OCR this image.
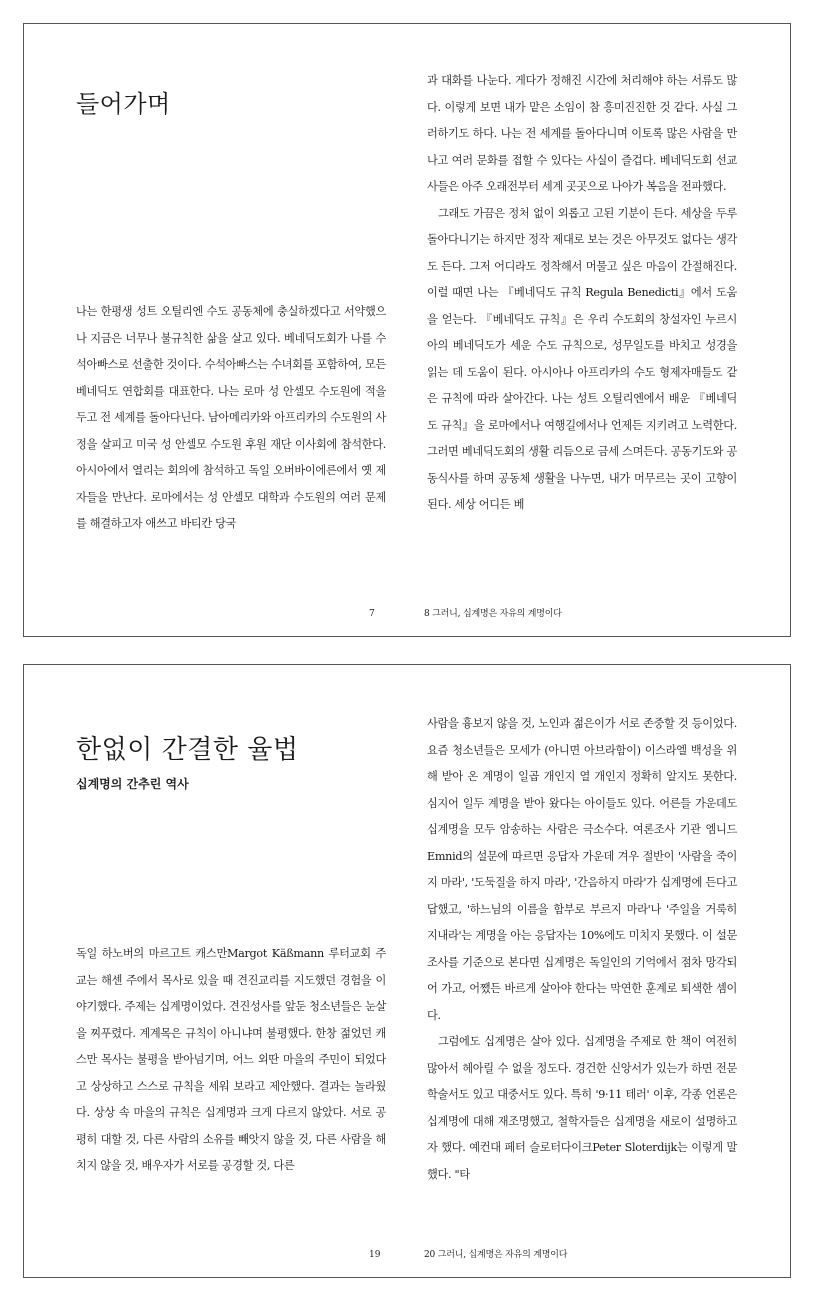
들어가며

나는 한평생 성트 오틸리엔 수도 공동체에 충실하겠다고 서약했으나 지금은 너무나 불규칙한 삶을 살고 있다. 베네딕도회가 나를 수석아빠스로 선출한 것이다. 수석아빠스는 수녀회를 포함하여, 모든 베네딕도 연합회를 대표한다. 나는 로마 성 안셀모 수도원에 적을 두고 전 세계를 돌아다닌다. 남아메리카와 아프리카의 수도원의 사정을 살피고 미국 성 안셀모 수도원 후원 재단 이사회에 참석한다. 아시아에서 열리는 회의에 참석하고 독일 오버바이에른에서 옛 제자들을 만난다. 로마에서는 성 안셀모 대학과 수도원의 여러 문제를 해결하고자 애쓰고 바티칸 당국

과 대화를 나눈다. 게다가 정해진 시간에 처리해야 하는 서류도 많다. 이렇게 보면 내가 맡은 소임이 참 흥미진진한 것 같다. 사실 그러하기도 하다. 나는 전 세계를 돌아다니며 이토록 많은 사람을 만나고 여러 문화를 접할 수 있다는 사실이 즐겁다. 베네딕도회 선교사들은 아주 오래전부터 세계 곳곳으로 나아가 복음을 전파했다.

그래도 가끔은 정처 없이 외롭고 고된 기분이 든다. 세상을 두루 돌아다니기는 하지만 정작 제대로 보는 것은 아무것도 없다는 생각도 든다. 그저 어디라도 정착해서 머물고 싶은 마음이 간절해진다. 이럴 때면 나는 『베네딕도 규칙 Regula Benedicti』에서 도움을 얻는다. 『베네딕도 규칙』은 우리 수도회의 창설자인 누르시아의 베네딕도가 세운 수도 규칙으로, 성무일도를 바치고 성경을 읽는 데 도움이 된다. 아시아나 아프리카의 수도 형제자매들도 같은 규칙에 따라 살아간다. 나는 성트 오틸리엔에서 배운 『베네딕도 규칙』을 로마에서나 여행길에서나 언제든 지키려고 노력한다. 그러면 베네딕도회의 생활 리듬으로 금세 스며든다. 공동기도와 공동식사를 하며 공동체 생활을 나누면, 내가 머무르는 곳이 고향이 된다. 세상 어디든 베

7	8 그러니, 십계명은 자유의 계명이다
한없이 간결한 율법
십계명의 간추린 역사

독일 하노버의 마르고트 캐스만Margot Käßmann 루터교회 주교는 해센 주에서 목사로 있을 때 견진교리를 지도했던 경험을 이야기했다. 주제는 십계명이었다. 견진성사를 앞둔 청소년들은 눈살을 찌푸렸다. 계계목은 규칙이 아니냐며 불평했다. 한창 젊었던 캐스만 목사는 불평을 받아넘기며, 어느 외딴 마을의 주민이 되었다고 상상하고 스스로 규칙을 세워 보라고 제안했다. 결과는 놀라웠다. 상상 속 마을의 규칙은 십계명과 크게 다르지 않았다. 서로 공평히 대할 것, 다른 사람의 소유를 빼앗지 않을 것, 다른 사람을 해치지 않을 것, 배우자가 서로를 공경할 것, 다른

사람을 흉보지 않을 것, 노인과 젊은이가 서로 존중할 것 등이었다. 요즘 청소년들은 모세가 (아니면 아브라함이) 이스라엘 백성을 위해 받아 온 계명이 일곱 개인지 열 개인지 정확히 알지도 못한다. 심지어 일두 계명을 받아 왔다는 아이들도 있다. 어른들 가운데도 십계명을 모두 암송하는 사람은 극소수다. 여론조사 기관 엠니드Emnid의 설문에 따르면 응답자 가운데 겨우 절반이 '사람을 죽이지 마라', '도둑질을 하지 마라', '간음하지 마라'가 십계명에 든다고 답했고, '하느님의 이름을 함부로 부르지 마라'나 '주일을 거룩히 지내라'는 계명을 아는 응답자는 10%에도 미치지 못했다. 이 설문 조사를 기준으로 본다면 십계명은 독일인의 기억에서 점차 망각되어 가고, 어쨌든 바르게 살아야 한다는 막연한 훈계로 퇴색한 셈이다.

그럼에도 십계명은 살아 있다. 십계명을 주제로 한 책이 여전히 많아서 헤아릴 수 없을 정도다. 경건한 신앙서가 있는가 하면 전문 학술서도 있고 대중서도 있다. 특히 '9·11 테러' 이후, 각종 언론은 십계명에 대해 재조명했고, 철학자들은 십계명을 새로이 설명하고자 했다. 예컨대 페터 슬로터다이크Peter Sloterdijk는 이렇게 말했다. "타

19	20 그러니, 십계명은 자유의 계명이다
